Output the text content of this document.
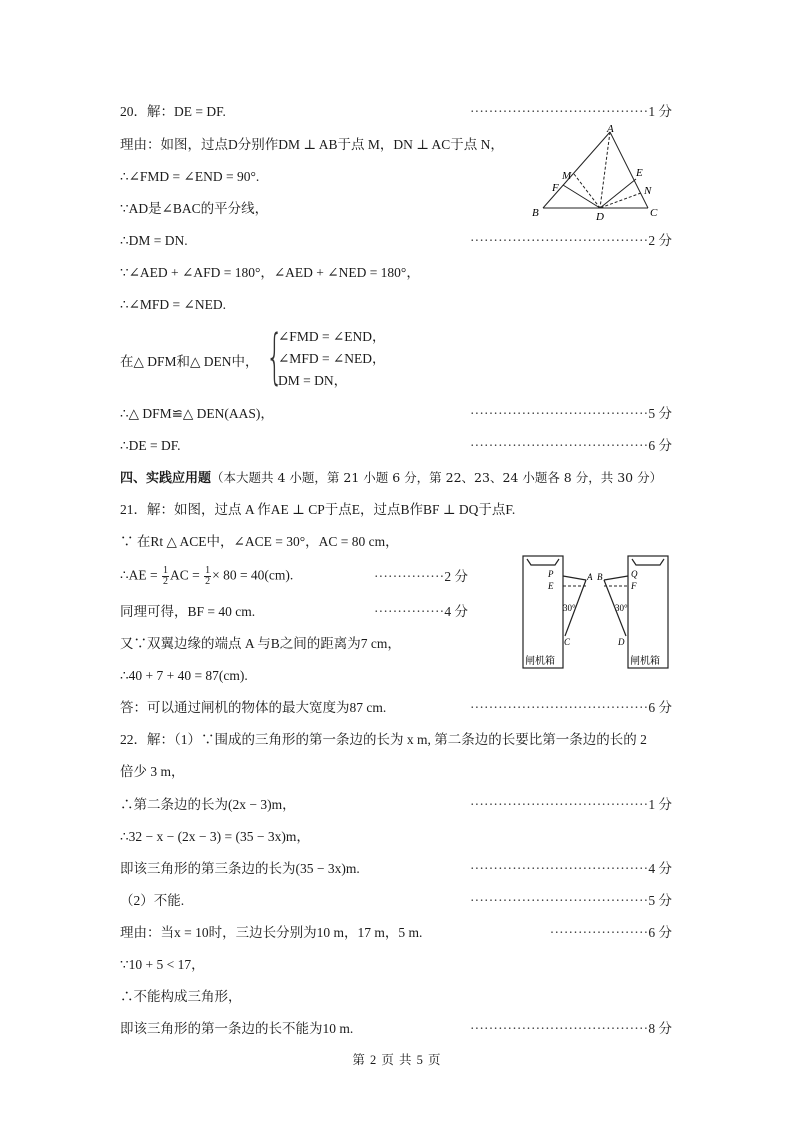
20．解：DE = DF.	······································1 分
理由：如图，过点D分别作DM ⊥ AB于点 M，DN ⊥ AC于点 N，
∴∠FMD = ∠END = 90°.
∵AD是∠BAC的平分线，
∴DM = DN.	······································2 分
∵∠AED + ∠AFD = 180°，∠AED + ∠NED = 180°，
∴∠MFD = ∠NED.
在△ DFM和△ DEN中， {
∠FMD = ∠END，
∠MFD = ∠NED，
DM = DN，
∴△ DFM≌△ DEN(AAS)，	······································5 分
∴DE = DF.	······································6 分
A
B	C
D
E
F
M
N
四、实践应用题（本大题共 4 小题，第 21 小题 6 分，第 22、23、24 小题各 8 分，共 30 分）
21．解：如图，过点 A 作AE ⊥ CP于点E，过点B作BF ⊥ DQ于点F.
∵ 在Rt △ ACE中，∠ACE = 30°，AC = 80 cm，
∴AE = $\frac{1}{2}$ AC = $\frac{1}{2} \times 80 = 40(cm)$.	···············2 分
同理可得，BF = 40 cm.	···············4 分
又∵双翼边缘的端点 A 与B之间的距离为7 cm，
∴40 + 7 + 40 = 87(cm).
答：可以通过闸机的物体的最大宽度为87 cm.	······································6 分
P
E
A B	Q
F
C	D
30°	30°
闸机箱	闸机箱
22．解：（1）∵围成的三角形的第一条边的长为 x m, 第二条边的长要比第一条边的长的 2
倍少 3 m，
∴第二条边的长为(2x − 3)m，	······································1 分
∴32 − x − (2x − 3) = (35 − 3x)m，
即该三角形的第三条边的长为(35 − 3x)m.	······································4 分
（2）不能.	······································5 分
理由：当x = 10时，三边长分别为10 m，17 m，5 m.	·····················6 分
∵10 + 5 < 17，
∴不能构成三角形，
即该三角形的第一条边的长不能为10 m.	······································8 分
第 2 页 共 5 页
